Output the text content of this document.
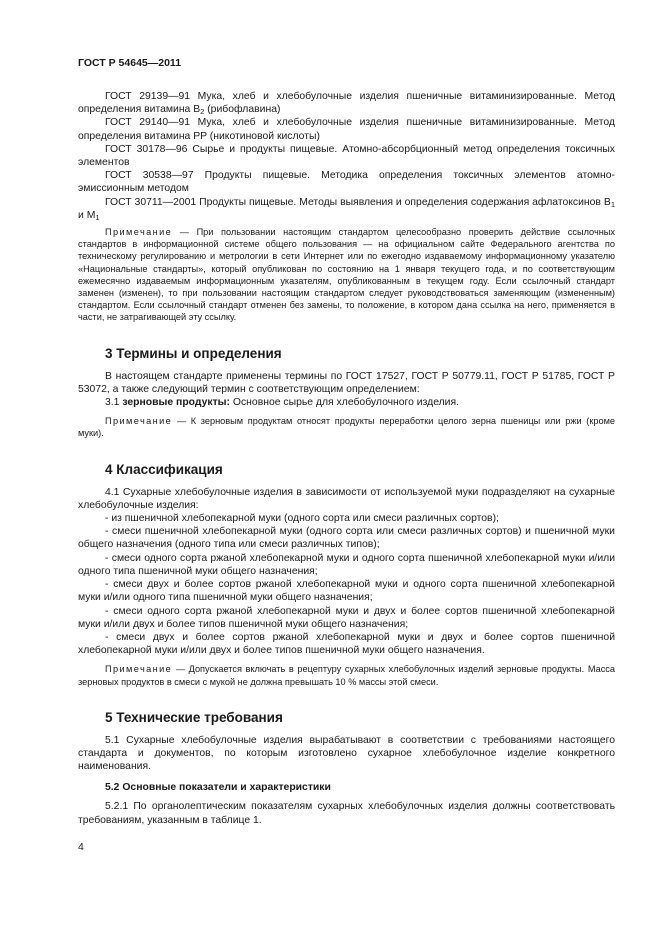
ГОСТ Р 54645—2011

ГОСТ 29139—91 Мука, хлеб и хлебобулочные изделия пшеничные витаминизированные. Метод определения витамина $B_2$ (рибофлавина)

ГОСТ 29140—91 Мука, хлеб и хлебобулочные изделия пшеничные витаминизированные. Метод определения витамина PP (никотиновой кислоты)

ГОСТ 30178—96 Сырье и продукты пищевые. Атомно-абсорбционный метод определения токсичных элементов

ГОСТ 30538—97 Продукты пищевые. Методика определения токсичных элементов атомно-эмиссионным методом

ГОСТ 30711—2001 Продукты пищевые. Методы выявления и определения содержания афлатоксинов $B_1$ и $M_1$

Примечание — При пользовании настоящим стандартом целесообразно проверить действие ссылочных стандартов в информационной системе общего пользования — на официальном сайте Федерального агентства по техническому регулированию и метрологии в сети Интернет или по ежегодно издаваемому информационному указателю «Национальные стандарты», который опубликован по состоянию на 1 января текущего года, и по соответствующим ежемесячно издаваемым информационным указателям, опубликованным в текущем году. Если ссылочный стандарт заменен (изменен), то при пользовании настоящим стандартом следует руководствоваться заменяющим (измененным) стандартом. Если ссылочный стандарт отменен без замены, то положение, в котором дана ссылка на него, применяется в части, не затрагивающей эту ссылку.

3 Термины и определения

В настоящем стандарте применены термины по ГОСТ 17527, ГОСТ Р 50779.11, ГОСТ Р 51785, ГОСТ Р 53072, а также следующий термин с соответствующим определением:

3.1 зерновые продукты: Основное сырье для хлебобулочного изделия.

Примечание — К зерновым продуктам относят продукты переработки целого зерна пшеницы или ржи (кроме муки).

4 Классификация

4.1 Сухарные хлебобулочные изделия в зависимости от используемой муки подразделяют на сухарные хлебобулочные изделия:

- из пшеничной хлебопекарной муки (одного сорта или смеси различных сортов);

- смеси пшеничной хлебопекарной муки (одного сорта или смеси различных сортов) и пшеничной муки общего назначения (одного типа или смеси различных типов);

- смеси одного сорта ржаной хлебопекарной муки и одного сорта пшеничной хлебопекарной муки и/или одного типа пшеничной муки общего назначения;

- смеси двух и более сортов ржаной хлебопекарной муки и одного сорта пшеничной хлебопекарной муки и/или одного типа пшеничной муки общего назначения;

- смеси одного сорта ржаной хлебопекарной муки и двух и более сортов пшеничной хлебопекарной муки и/или двух и более типов пшеничной муки общего назначения;

- смеси двух и более сортов ржаной хлебопекарной муки и двух и более сортов пшеничной хлебопекарной муки и/или двух и более типов пшеничной муки общего назначения.

Примечание — Допускается включать в рецептуру сухарных хлебобулочных изделий зерновые продукты. Масса зерновых продуктов в смеси с мукой не должна превышать 10 % массы этой смеси.

5 Технические требования

5.1 Сухарные хлебобулочные изделия вырабатывают в соответствии с требованиями настоящего стандарта и документов, по которым изготовлено сухарное хлебобулочное изделие конкретного наименования.

5.2 Основные показатели и характеристики

5.2.1 По органолептическим показателям сухарных хлебобулочных изделия должны соответствовать требованиям, указанным в таблице 1.

4
